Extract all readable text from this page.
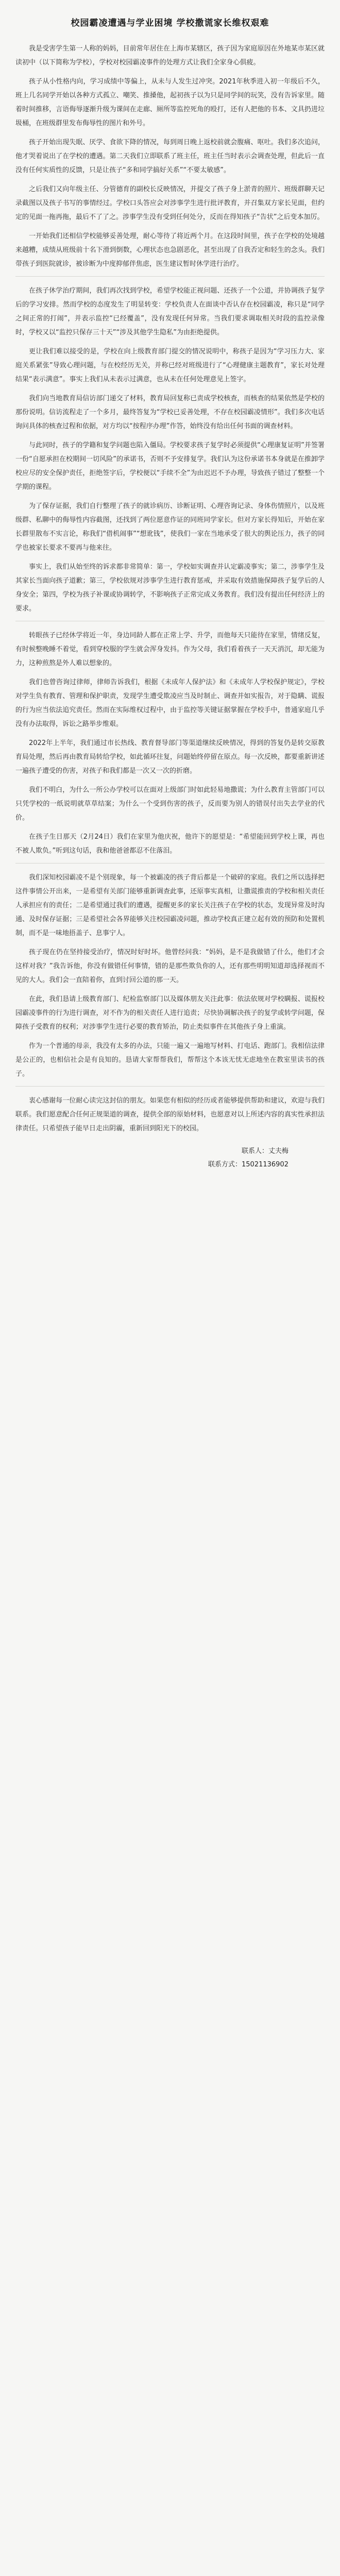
校园霸凌遭遇与学业困境 学校撒谎家长维权艰难

我是受害学生第一人称的妈妈，目前常年居住在上海市某辖区，孩子因为家庭原因在外地某市某区就读初中（以下简称为学校），学校对校园霸凌事件的处理方式让我们全家身心俱疲。

孩子从小性格内向，学习成绩中等偏上，从未与人发生过冲突。2021年秋季进入初一年级后不久，班上几名同学开始以各种方式孤立、嘲笑、推搡他，起初孩子以为只是同学间的玩笑，没有告诉家里。随着时间推移，言语侮辱逐渐升级为课间在走廊、厕所等监控死角的殴打，还有人把他的书本、文具扔进垃圾桶，在班级群里发布侮辱性的图片和外号。

孩子开始出现失眠、厌学、食欲下降的情况，每到周日晚上返校前就会腹痛、呕吐。我们多次追问，他才哭着说出了在学校的遭遇。第二天我们立即联系了班主任，班主任当时表示会调查处理，但此后一直没有任何实质性的反馈，只是让孩子“多和同学搞好关系”“不要太敏感”。

之后我们又向年级主任、分管德育的副校长反映情况，并提交了孩子身上淤青的照片、班级群聊天记录截图以及孩子书写的事情经过。学校口头答应会对涉事学生进行批评教育，并召集双方家长见面，但约定的见面一拖再拖，最后不了了之。涉事学生没有受到任何处分，反而在得知孩子“告状”之后变本加厉。

一开始我们还相信学校能够妥善处理，耐心等待了将近两个月。在这段时间里，孩子在学校的处境越来越糟，成绩从班级前十名下滑到倒数，心理状态也急剧恶化，甚至出现了自我否定和轻生的念头。我们带孩子到医院就诊，被诊断为中度抑郁伴焦虑，医生建议暂时休学进行治疗。

在孩子休学治疗期间，我们再次找到学校，希望学校能正视问题、还孩子一个公道，并协调孩子复学后的学习安排。然而学校的态度发生了明显转变：学校负责人在面谈中否认存在校园霸凌，称只是“同学之间正常的打闹”，并表示监控“已经覆盖”，没有发现任何异常。当我们要求调取相关时段的监控录像时，学校又以“监控只保存三十天”“涉及其他学生隐私”为由拒绝提供。

更让我们难以接受的是，学校在向上级教育部门提交的情况说明中，称孩子是因为“学习压力大、家庭关系紧张”导致心理问题，与在校经历无关，并称已经对班级进行了“心理健康主题教育”，家长对处理结果“表示满意”。事实上我们从未表示过满意，也从未在任何处理意见上签字。

我们向当地教育局信访部门递交了材料，教育局回复称已责成学校核查，而核查的结果依然是学校的那份说明。信访流程走了一个多月，最终答复为“学校已妥善处理，不存在校园霸凌情形”。我们多次电话询问具体的核查过程和依据，对方均以“按程序办理”作答，始终没有给出任何书面的调查材料。

与此同时，孩子的学籍和复学问题也陷入僵局。学校要求孩子复学时必须提供“心理康复证明”并签署一份“自愿承担在校期间一切风险”的承诺书，否则不予安排复学。我们认为这份承诺书本身就是在推卸学校应尽的安全保护责任，拒绝签字后，学校便以“手续不全”为由迟迟不予办理，导致孩子错过了整整一个学期的课程。

为了保存证据，我们自行整理了孩子的就诊病历、诊断证明、心理咨询记录、身体伤情照片，以及班级群、私聊中的侮辱性内容截图，还找到了两位愿意作证的同班同学家长。但对方家长得知后，开始在家长群里散布不实言论，称我们“借机闹事”“想讹钱”，使我们一家在当地承受了很大的舆论压力，孩子的同学也被家长要求不要再与他来往。

事实上，我们从始至终的诉求都非常简单：第一，学校如实调查并认定霸凌事实；第二，涉事学生及其家长当面向孩子道歉；第三，学校依规对涉事学生进行教育惩戒，并采取有效措施保障孩子复学后的人身安全；第四，学校为孩子补课或协调转学，不影响孩子正常完成义务教育。我们没有提出任何经济上的要求。

转眼孩子已经休学将近一年，身边同龄人都在正常上学、升学，而他每天只能待在家里，情绪反复，有时候整晚睡不着觉，看到穿校服的学生就会浑身发抖。作为父母，我们看着孩子一天天消沉，却无能为力，这种煎熬是外人难以想象的。

我们也曾咨询过律师，律师告诉我们，根据《未成年人保护法》和《未成年人学校保护规定》，学校对学生负有教育、管理和保护职责，发现学生遭受欺凌应当及时制止、调查并如实报告，对于隐瞒、谎报的行为应当依法追究责任。然而在实际维权过程中，由于监控等关键证据掌握在学校手中，普通家庭几乎没有办法取得，诉讼之路举步维艰。

2022年上半年，我们通过市长热线、教育督导部门等渠道继续反映情况，得到的答复仍是转交原教育局处理，然后再由教育局转给学校，如此循环往复，问题始终停留在原点。每一次反映，都要重新讲述一遍孩子遭受的伤害，对孩子和我们都是一次又一次的折磨。

我们不明白，为什么一所公办学校可以在面对上级部门时如此轻易地撒谎；为什么教育主管部门可以只凭学校的一纸说明就草草结案；为什么一个受到伤害的孩子，反而要为别人的错误付出失去学业的代价。

在孩子生日那天（2月24日）我们在家里为他庆祝，他许下的愿望是：“希望能回到学校上课，再也不被人欺负。”听到这句话，我和他爸爸都忍不住落泪。

我们深知校园霸凌不是个别现象，每一个被霸凌的孩子背后都是一个破碎的家庭。我们之所以选择把这件事情公开出来，一是希望有关部门能够重新调查此事，还原事实真相，让撒谎推责的学校和相关责任人承担应有的责任；二是希望通过我们的遭遇，提醒更多的家长关注孩子在学校的状态，发现异常及时沟通、及时保存证据；三是希望社会各界能够关注校园霸凌问题，推动学校真正建立起有效的预防和处置机制，而不是一味地捂盖子、息事宁人。

孩子现在仍在坚持接受治疗，情况时好时坏。他曾经问我：“妈妈，是不是我做错了什么，他们才会这样对我？”我告诉他，你没有做错任何事情，错的是那些欺负你的人，还有那些明明知道却选择视而不见的大人。我们会一直陪着你，直到讨回公道的那一天。

在此，我们恳请上级教育部门、纪检监察部门以及媒体朋友关注此事：依法依规对学校瞒报、谎报校园霸凌事件的行为进行调查，对不作为的相关责任人进行追责；尽快协调解决孩子的复学或转学问题，保障孩子受教育的权利；对涉事学生进行必要的教育矫治，防止类似事件在其他孩子身上重演。

作为一个普通的母亲，我没有太多的办法，只能一遍又一遍地写材料、打电话、跑部门。我相信法律是公正的，也相信社会是有良知的。恳请大家帮帮我们，帮帮这个本该无忧无虑地坐在教室里读书的孩子。

衷心感谢每一位耐心读完这封信的朋友。如果您有相似的经历或者能够提供帮助和建议，欢迎与我们联系。我们愿意配合任何正规渠道的调查，提供全部的原始材料，也愿意对以上所述内容的真实性承担法律责任。只希望孩子能早日走出阴霾，重新回到阳光下的校园。

联系人：丈夫梅
联系方式：15021136902
